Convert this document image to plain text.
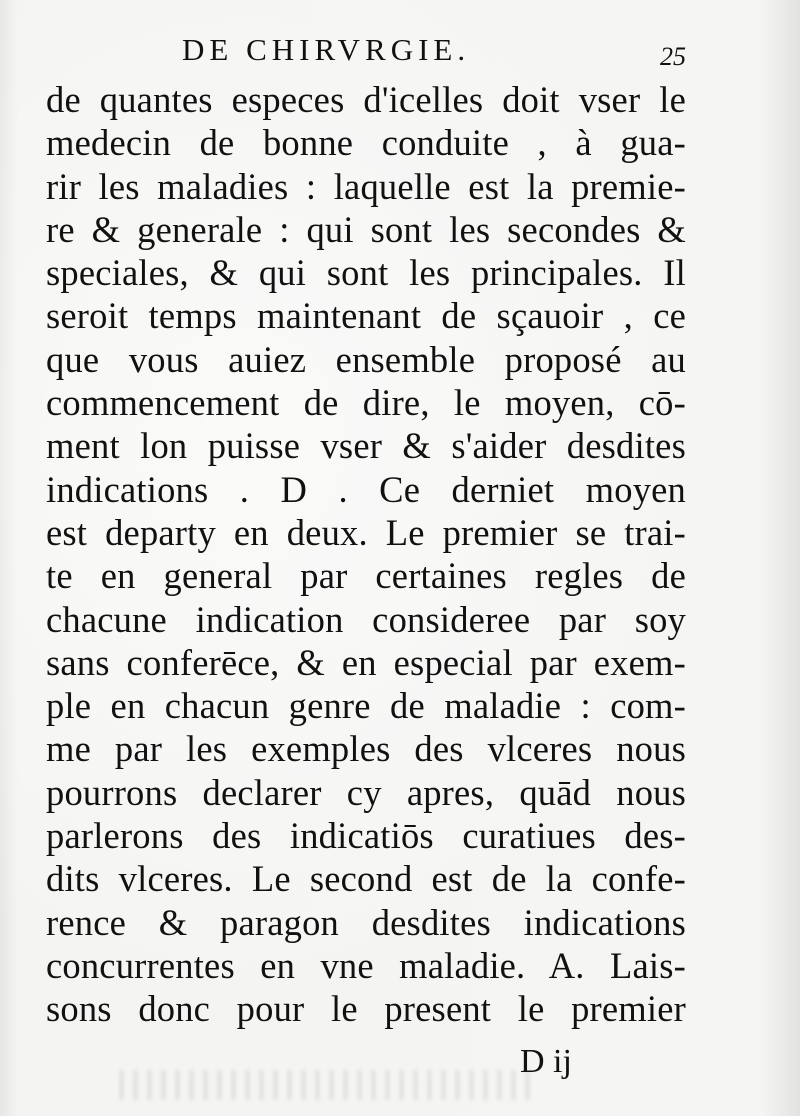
DE CHIRVRGIE.	25
de quantes especes d'icelles doit vser le
medecin de bonne conduite , à gua-
rir les maladies : laquelle est la premie-
re & generale : qui sont les secondes &
speciales, & qui sont les principales. Il
seroit temps maintenant de sçauoir , ce
que vous auiez ensemble proposé au
commencement de dire, le moyen, cō-
ment lon puisse vser & s'aider desdites
indications . D . Ce derniet moyen
est departy en deux. Le premier se trai-
te en general par certaines regles de
chacune indication consideree par soy
sans conferēce, & en especial par exem-
ple en chacun genre de maladie : com-
me par les exemples des vlceres nous
pourrons declarer cy apres, quād nous
parlerons des indicatiōs curatiues des-
dits vlceres. Le second est de la confe-
rence & paragon desdites indications
concurrentes en vne maladie. A. Lais-
sons donc pour le present le premier
D ij
